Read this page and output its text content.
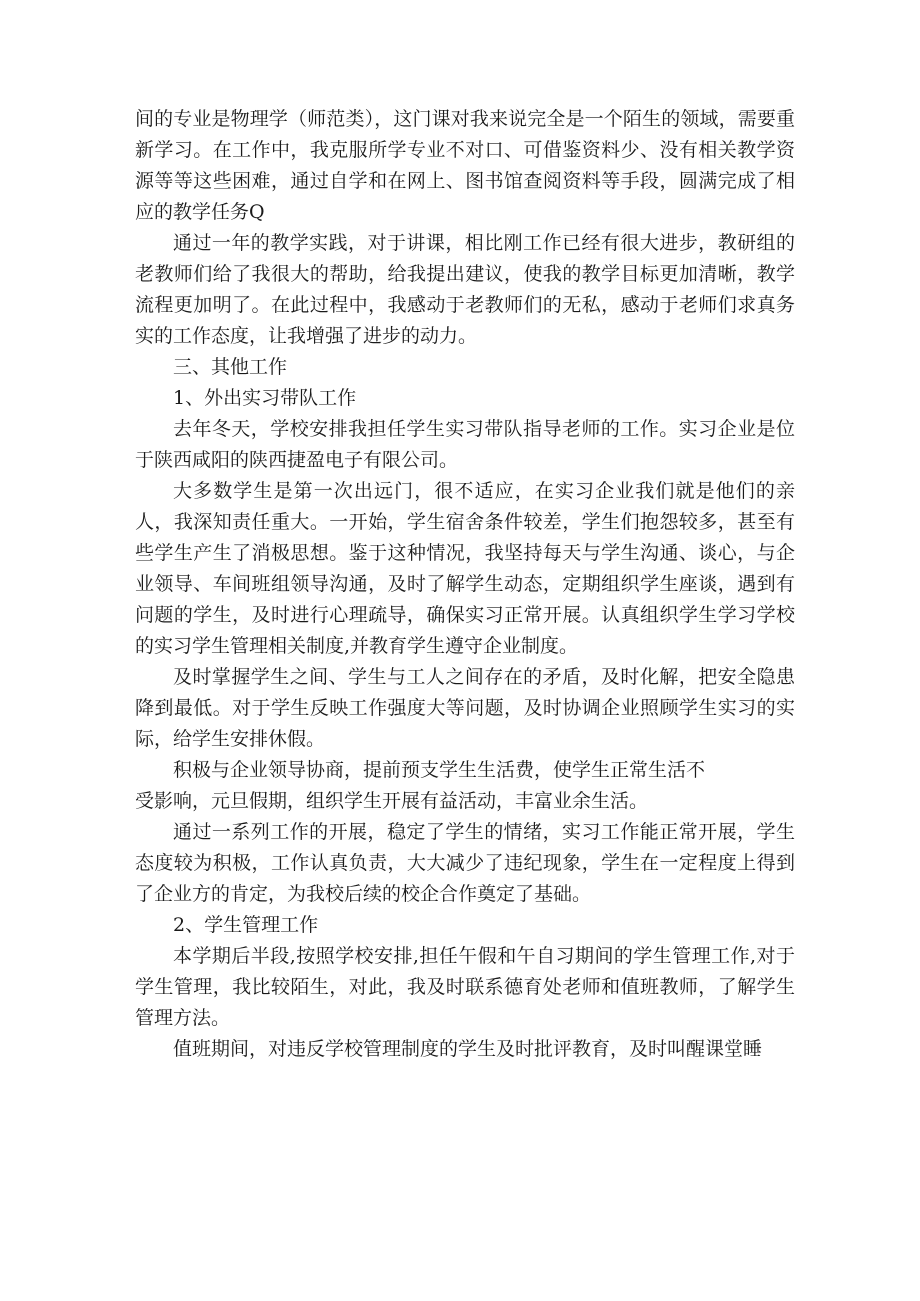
间的专业是物理学（师范类），这门课对我来说完全是一个陌生的领域，需要重新学习。在工作中，我克服所学专业不对口、可借鉴资料少、没有相关教学资源等等这些困难，通过自学和在网上、图书馆查阅资料等手段，圆满完成了相应的教学任务Q

通过一年的教学实践，对于讲课，相比刚工作已经有很大进步，教研组的老教师们给了我很大的帮助，给我提出建议，使我的教学目标更加清晰，教学流程更加明了。在此过程中，我感动于老教师们的无私，感动于老师们求真务实的工作态度，让我增强了进步的动力。

三、其他工作

1、外出实习带队工作

去年冬天，学校安排我担任学生实习带队指导老师的工作。实习企业是位于陕西咸阳的陕西捷盈电子有限公司。

大多数学生是第一次出远门，很不适应，在实习企业我们就是他们的亲人，我深知责任重大。一开始，学生宿舍条件较差，学生们抱怨较多，甚至有些学生产生了消极思想。鉴于这种情况，我坚持每天与学生沟通、谈心，与企业领导、车间班组领导沟通，及时了解学生动态，定期组织学生座谈，遇到有问题的学生，及时进行心理疏导，确保实习正常开展。认真组织学生学习学校的实习学生管理相关制度,并教育学生遵守企业制度。

及时掌握学生之间、学生与工人之间存在的矛盾，及时化解，把安全隐患降到最低。对于学生反映工作强度大等问题，及时协调企业照顾学生实习的实际，给学生安排休假。

积极与企业领导协商，提前预支学生生活费，使学生正常生活不

受影响，元旦假期，组织学生开展有益活动，丰富业余生活。

通过一系列工作的开展，稳定了学生的情绪，实习工作能正常开展，学生态度较为积极，工作认真负责，大大减少了违纪现象，学生在一定程度上得到了企业方的肯定，为我校后续的校企合作奠定了基础。

2、学生管理工作

本学期后半段,按照学校安排,担任午假和午自习期间的学生管理工作,对于学生管理，我比较陌生，对此，我及时联系德育处老师和值班教师，了解学生管理方法。

值班期间，对违反学校管理制度的学生及时批评教育，及时叫醒课堂睡
